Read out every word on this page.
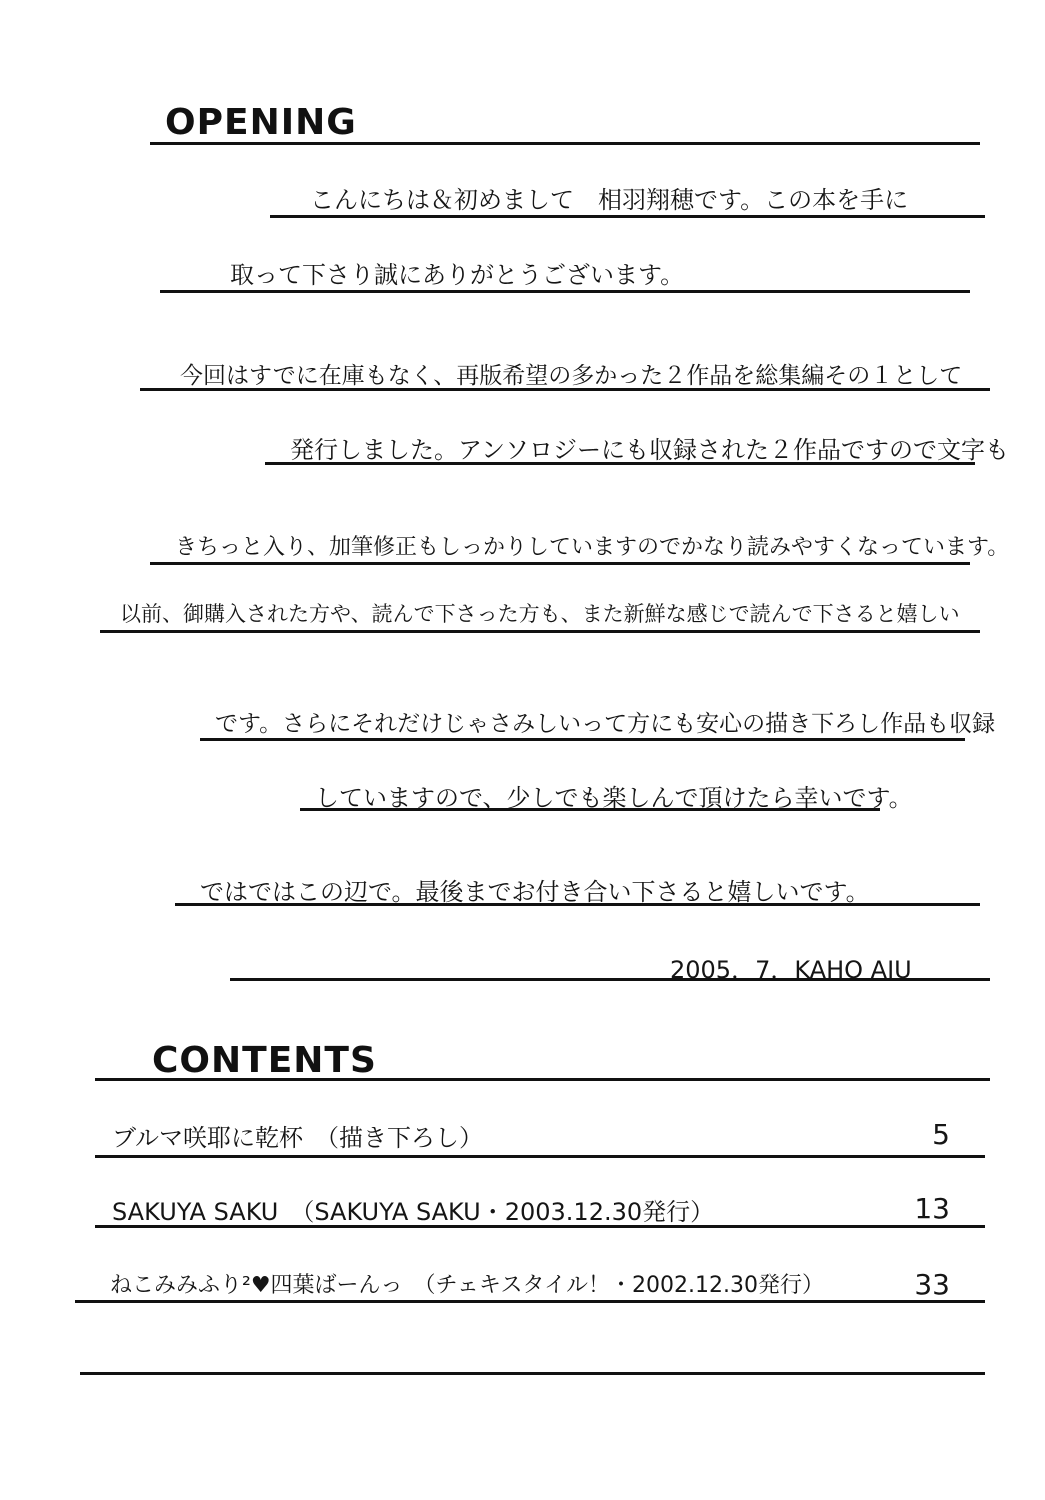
OPENING
こんにちは＆初めまして　相羽翔穂です。この本を手に
取って下さり誠にありがとうございます。
今回はすでに在庫もなく、再版希望の多かった２作品を総集編その１として
発行しました。アンソロジーにも収録された２作品ですので文字も
きちっと入り、加筆修正もしっかりしていますのでかなり読みやすくなっています。
以前、御購入された方や、読んで下さった方も、また新鮮な感じで読んで下さると嬉しい
です。さらにそれだけじゃさみしいって方にも安心の描き下ろし作品も収録
していますので、少しでも楽しんで頂けたら幸いです。
ではではこの辺で。最後までお付き合い下さると嬉しいです。
2005．7．KAHO AIU
CONTENTS
ブルマ咲耶に乾杯　（描き下ろし）	5
SAKUYA SAKU　（SAKUYA SAKU・2003.12.30発行）	13
ねこみみふり²♥四葉ばーんっ　（チェキスタイル！・2002.12.30発行）	33
